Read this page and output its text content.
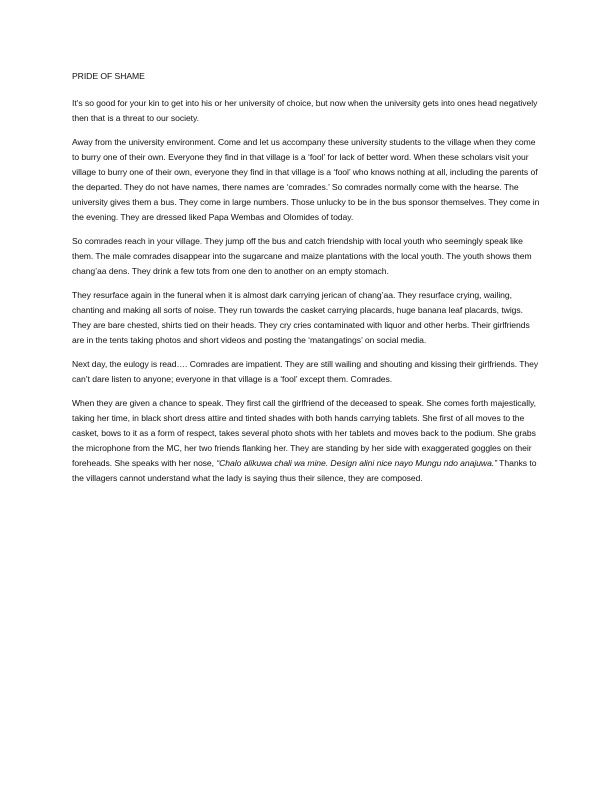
PRIDE OF SHAME

It’s so good for your kin to get into his or her university of choice, but now when the university gets into ones head negatively then that is a threat to our society.

Away from the university environment. Come and let us accompany these university students to the village when they come to burry one of their own. Everyone they find in that village is a ‘fool’ for lack of better word. When these scholars visit your village to burry one of their own, everyone they find in that village is a ‘fool’ who knows nothing at all, including the parents of the departed. They do not have names, there names are ‘comrades.’ So comrades normally come with the hearse. The university gives them a bus. They come in large numbers. Those unlucky to be in the bus sponsor themselves. They come in the evening. They are dressed liked Papa Wembas and Olomides of today.

So comrades reach in your village. They jump off the bus and catch friendship with local youth who seemingly speak like them. The male comrades disappear into the sugarcane and maize plantations with the local youth. The youth shows them chang’aa dens. They drink a few tots from one den to another on an empty stomach.

They resurface again in the funeral when it is almost dark carrying jerican of chang’aa. They resurface crying, wailing, chanting and making all sorts of noise. They run towards the casket carrying placards, huge banana leaf placards, twigs. They are bare chested, shirts tied on their heads. They cry cries contaminated with liquor and other herbs. Their girlfriends are in the tents taking photos and short videos and posting the ‘matangatings’ on social media.

Next day, the eulogy is read…. Comrades are impatient. They are still wailing and shouting and kissing their girlfriends. They can’t dare listen to anyone; everyone in that village is a ‘fool’ except them. Comrades.

When they are given a chance to speak. They first call the girlfriend of the deceased to speak. She comes forth majestically, taking her time, in black short dress attire and tinted shades with both hands carrying tablets. She first of all moves to the casket, bows to it as a form of respect, takes several photo shots with her tablets and moves back to the podium. She grabs the microphone from the MC, her two friends flanking her. They are standing by her side with exaggerated goggles on their foreheads. She speaks with her nose, “Chalo alikuwa chali wa mine. Design alini nice nayo Mungu ndo anajuwa.” Thanks to the villagers cannot understand what the lady is saying thus their silence, they are composed.
